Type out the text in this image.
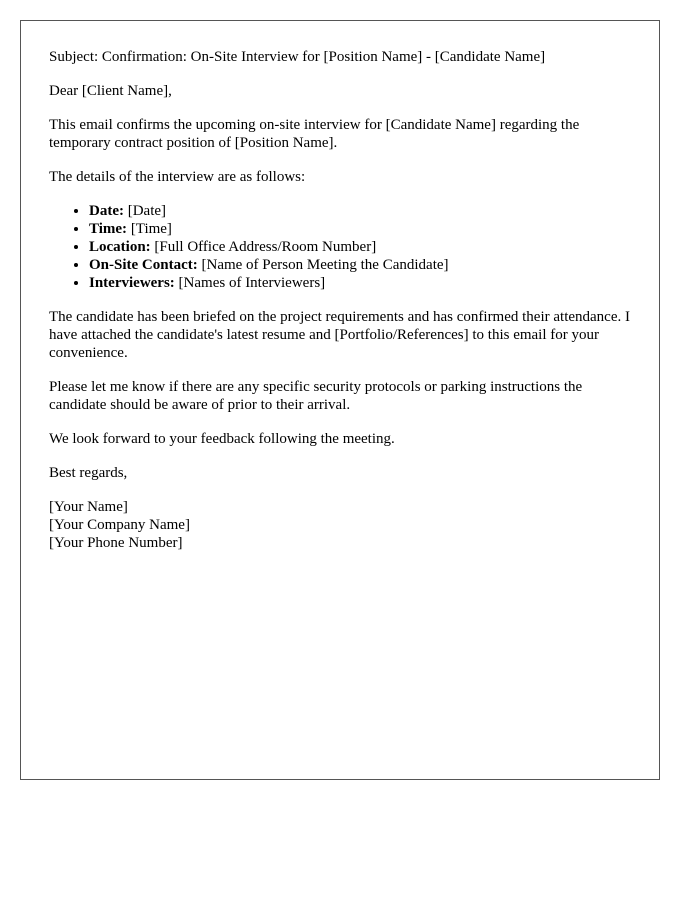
Subject: Confirmation: On-Site Interview for [Position Name] - [Candidate Name]

Dear [Client Name],

This email confirms the upcoming on-site interview for [Candidate Name] regarding the temporary contract position of [Position Name].

The details of the interview are as follows:

• Date: [Date]
• Time: [Time]
• Location: [Full Office Address/Room Number]
• On-Site Contact: [Name of Person Meeting the Candidate]
• Interviewers: [Names of Interviewers]

The candidate has been briefed on the project requirements and has confirmed their attendance. I have attached the candidate's latest resume and [Portfolio/References] to this email for your convenience.

Please let me know if there are any specific security protocols or parking instructions the candidate should be aware of prior to their arrival.

We look forward to your feedback following the meeting.

Best regards,

[Your Name]
[Your Company Name]
[Your Phone Number]
